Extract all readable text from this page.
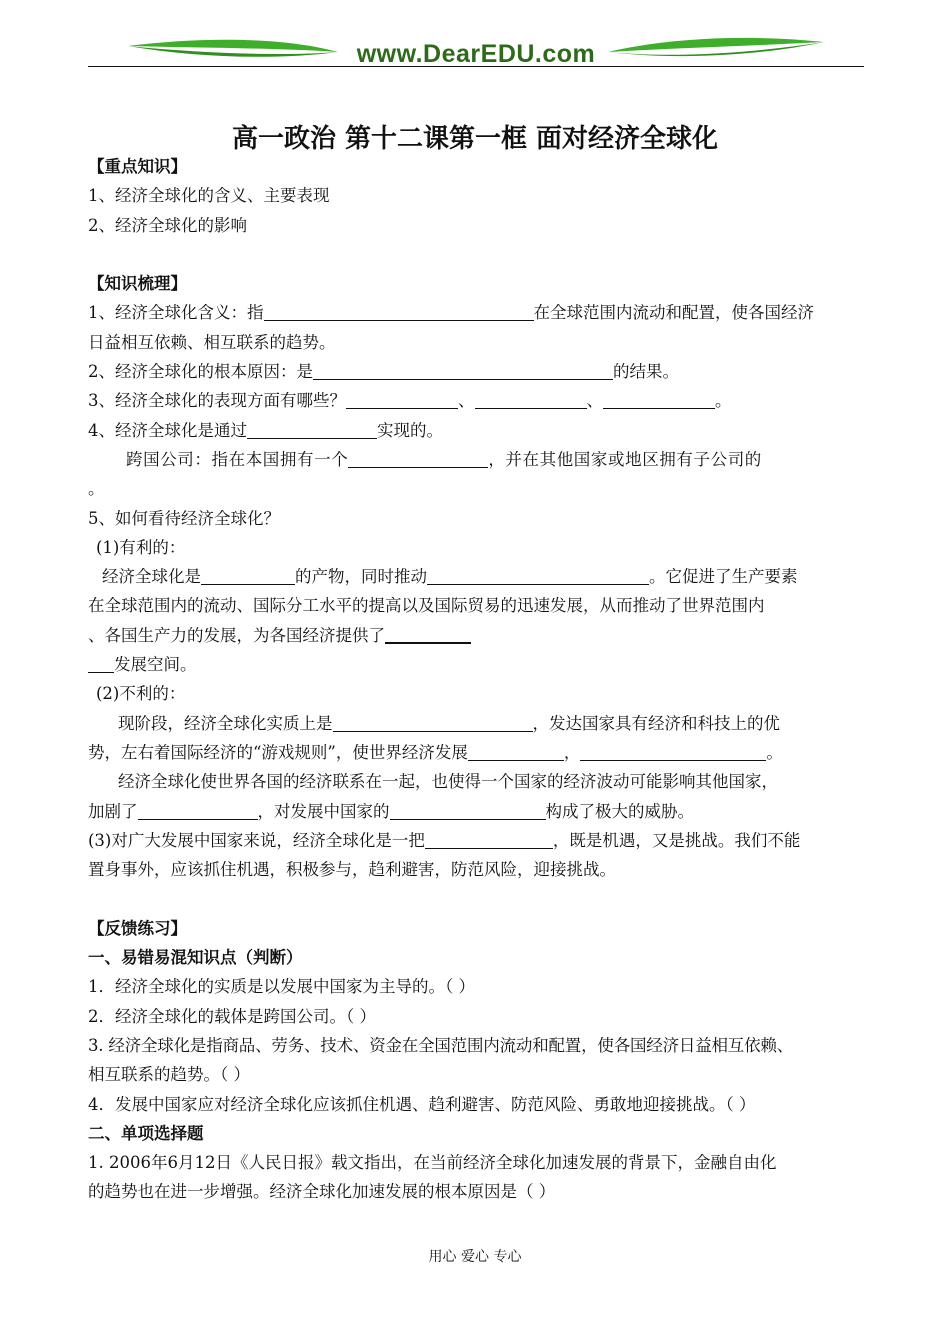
www.DearEDU.com
高一政治 第十二课第一框 面对经济全球化
【重点知识】
1、经济全球化的含义、主要表现
2、经济全球化的影响
【知识梳理】
1、经济全球化含义：指	在全球范围内流动和配置，使各国经济
日益相互依赖、相互联系的趋势。
2、经济全球化的根本原因：是	的结果。
3、经济全球化的表现方面有哪些？	、	、	。
4、经济全球化是通过	实现的。
跨国公司：指在本国拥有一个	，并在其他国家或地区拥有子公司的
。
5、如何看待经济全球化？
(1)有利的：
经济全球化是	的产物，同时推动	。它促进了生产要素
在全球范围内的流动、国际分工水平的提高以及国际贸易的迅速发展，从而推动了世界范围内
、各国生产力的发展，为各国经济提供了
发展空间。
(2)不利的：
现阶段，经济全球化实质上是	，发达国家具有经济和科技上的优
势，左右着国际经济的“游戏规则”，使世界经济发展	，	。
经济全球化使世界各国的经济联系在一起，也使得一个国家的经济波动可能影响其他国家，
加剧了	，对发展中国家的	构成了极大的威胁。
(3)对广大发展中国家来说，经济全球化是一把	，既是机遇，又是挑战。我们不能
置身事外，应该抓住机遇，积极参与，趋利避害，防范风险，迎接挑战。
【反馈练习】
一、易错易混知识点（判断）
1．经济全球化的实质是以发展中国家为主导的。（ ）
2．经济全球化的载体是跨国公司。（ ）
3. 经济全球化是指商品、劳务、技术、资金在全国范围内流动和配置，使各国经济日益相互依赖、
相互联系的趋势。（ ）
4．发展中国家应对经济全球化应该抓住机遇、趋利避害、防范风险、勇敢地迎接挑战。（ ）
二、单项选择题
1. 2006年6月12日《人民日报》载文指出，在当前经济全球化加速发展的背景下，金融自由化
的趋势也在进一步增强。经济全球化加速发展的根本原因是（ ）
用心 爱心 专心
